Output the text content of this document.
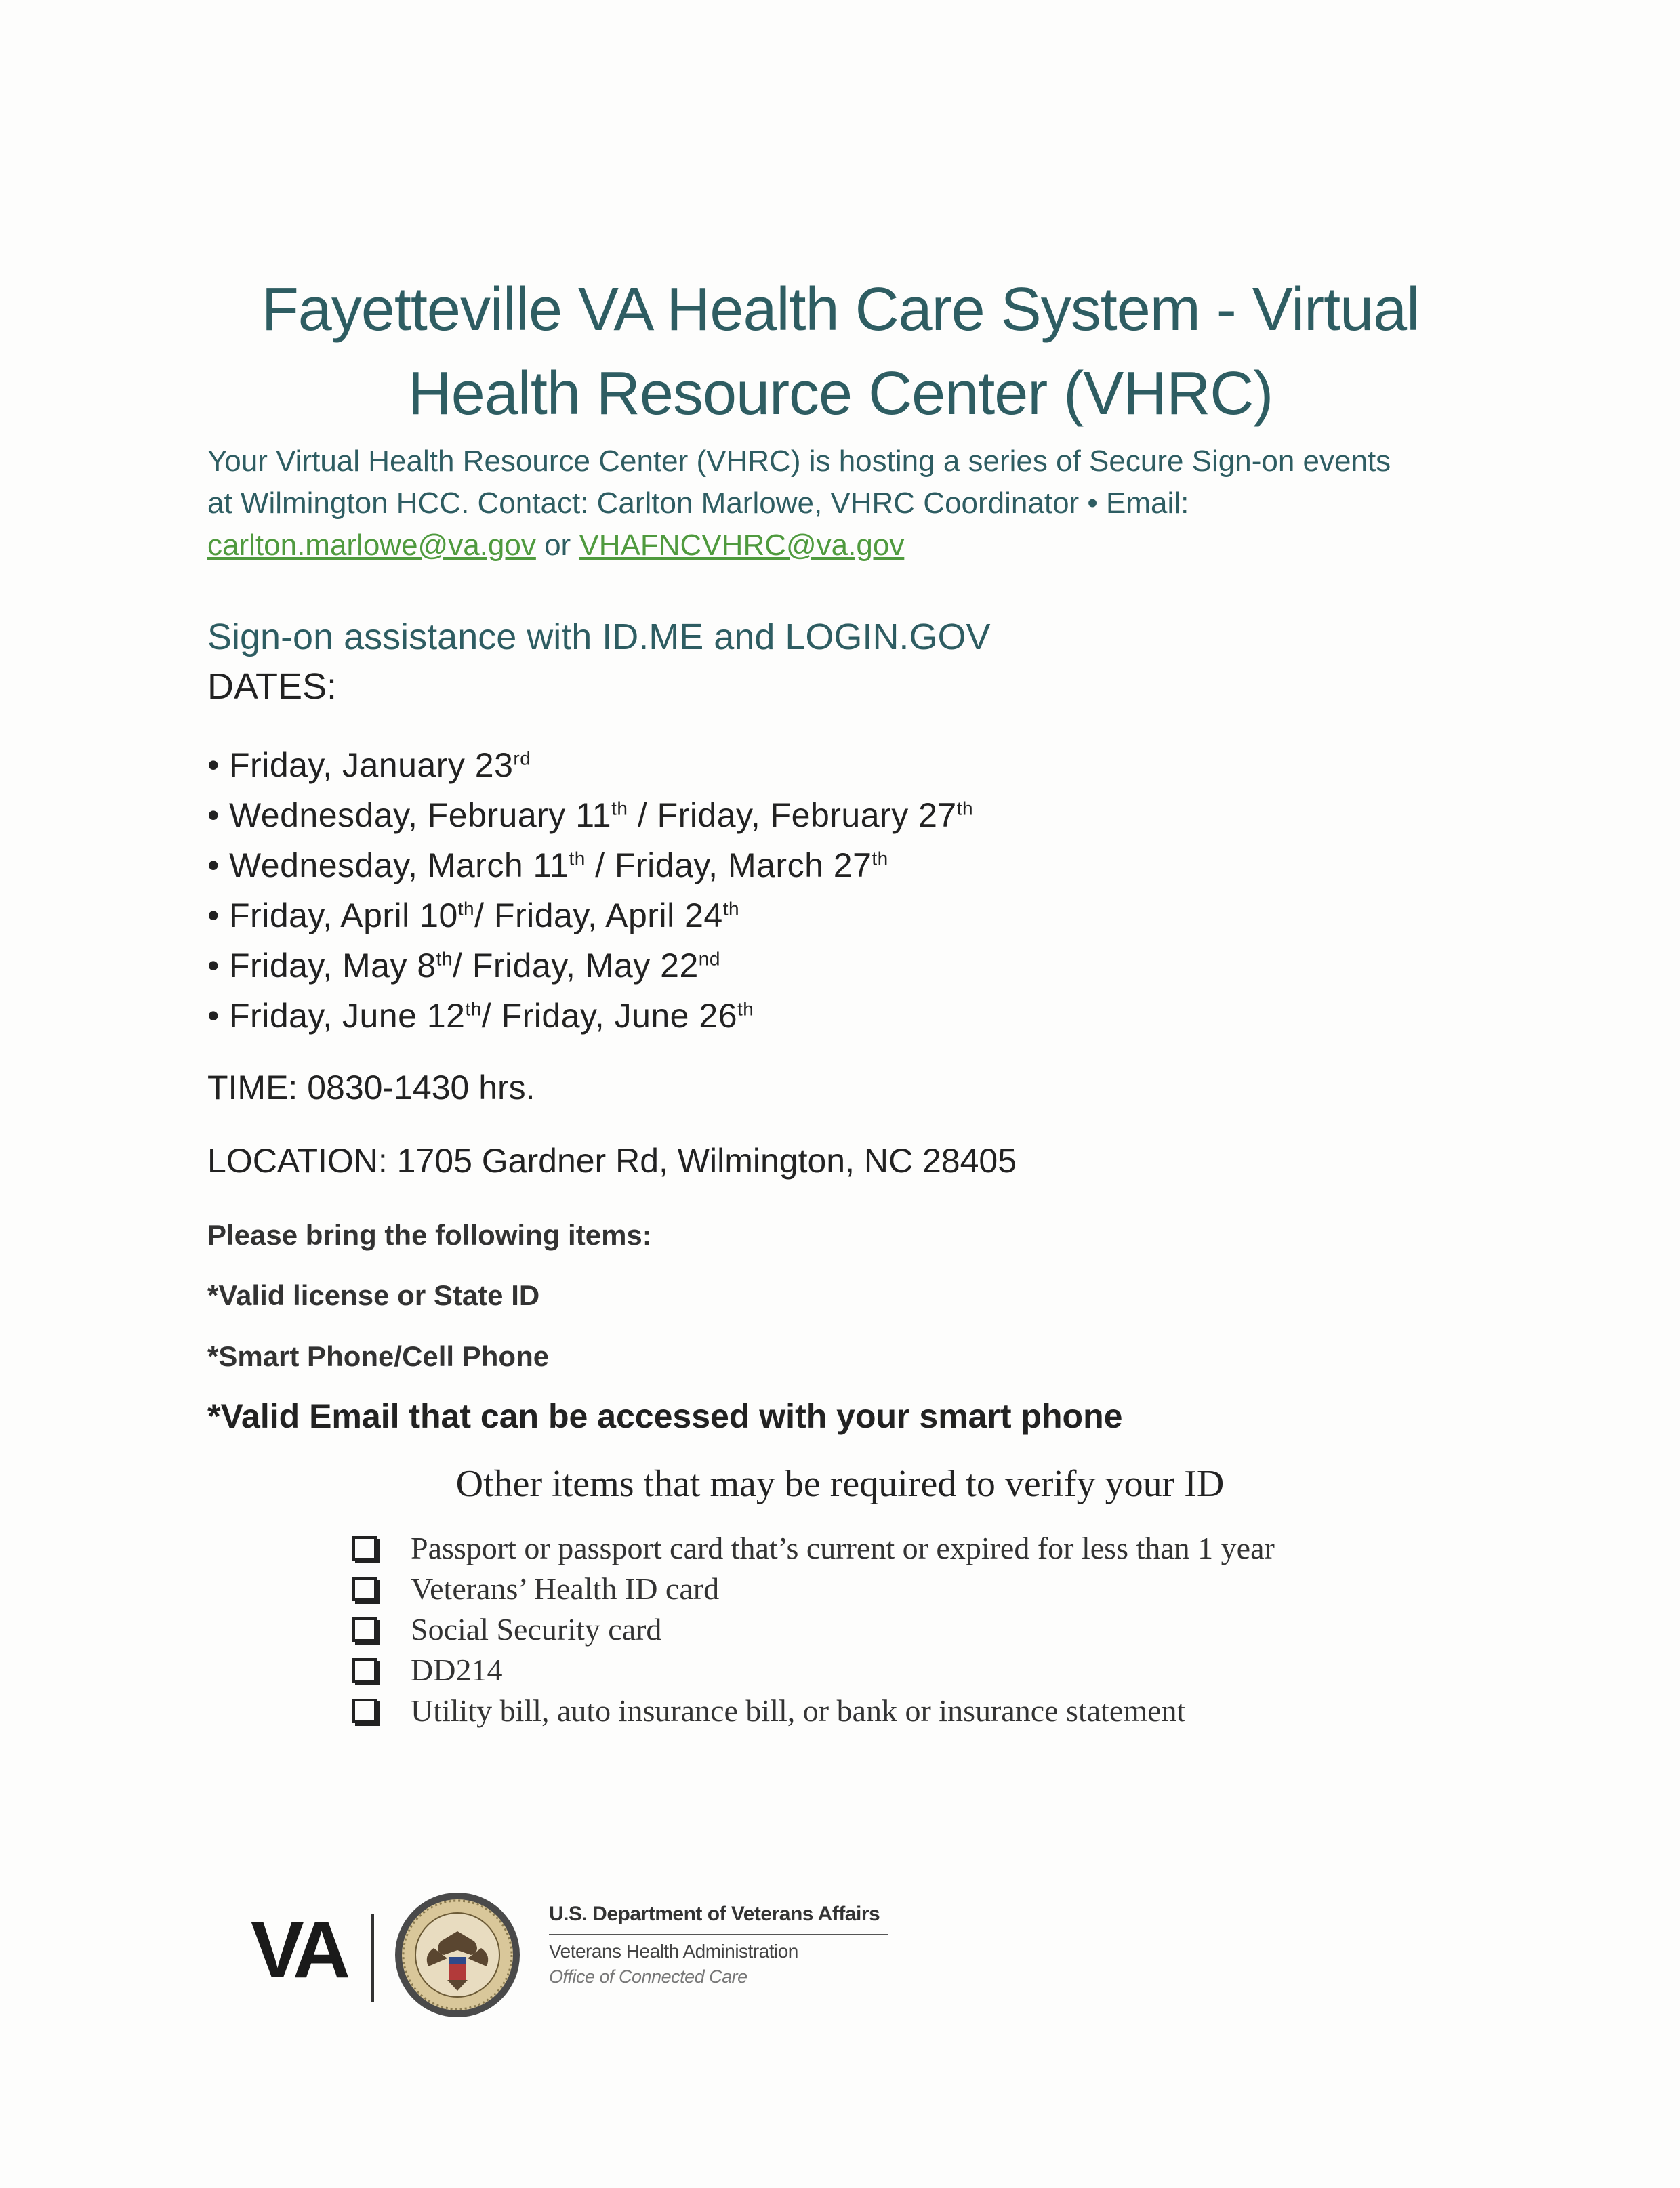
Fayetteville VA Health Care System - Virtual
Health Resource Center (VHRC)
Your Virtual Health Resource Center (VHRC) is hosting a series of Secure Sign-on events
at Wilmington HCC. Contact: Carlton Marlowe, VHRC Coordinator • Email:
carlton.marlowe@va.gov or VHAFNCVHRC@va.gov
Sign-on assistance with ID.ME and LOGIN.GOV
DATES:
• Friday, January 23rd
• Wednesday, February 11th / Friday, February 27th
• Wednesday, March 11th / Friday, March 27th
• Friday, April 10th/ Friday, April 24th
• Friday, May 8th/ Friday, May 22nd
• Friday, June 12th/ Friday, June 26th
TIME: 0830-1430 hrs.
LOCATION: 1705 Gardner Rd, Wilmington, NC 28405
Please bring the following items:
*Valid license or State ID
*Smart Phone/Cell Phone
*Valid Email that can be accessed with your smart phone
Other items that may be required to verify your ID
Passport or passport card that’s current or expired for less than 1 year
Veterans’ Health ID card
Social Security card
DD214
Utility bill, auto insurance bill, or bank or insurance statement
VA	U.S. Department of Veterans Affairs
Veterans Health Administration
Office of Connected Care
